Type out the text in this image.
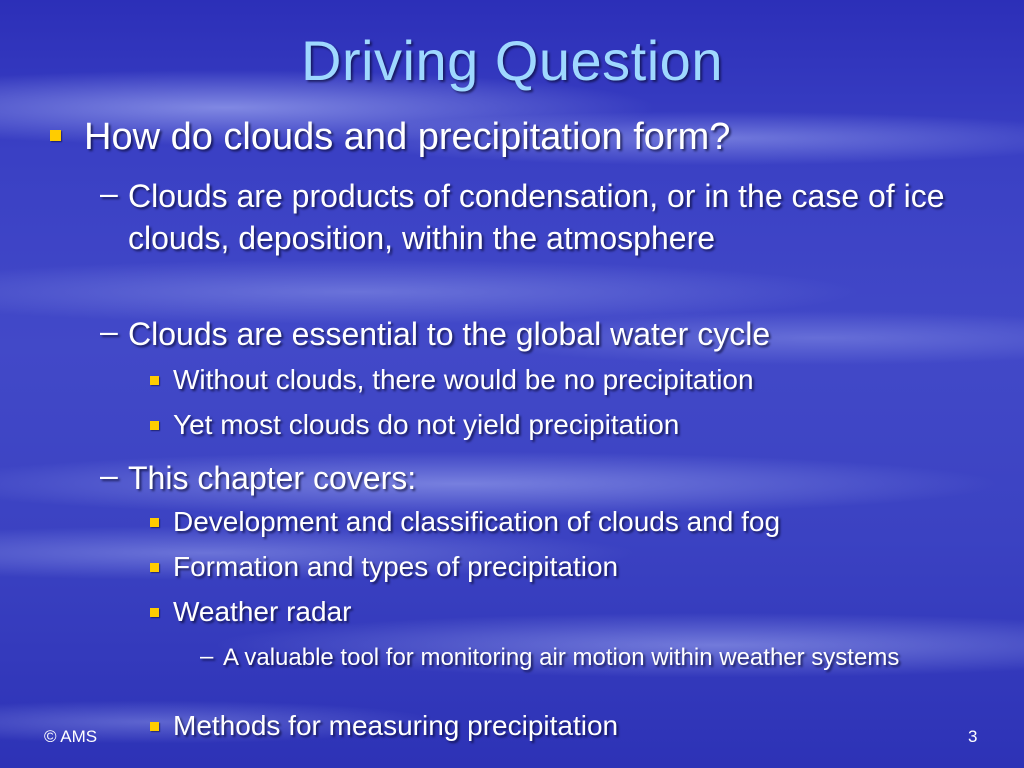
Driving Question
How do clouds and precipitation form?
– Clouds are products of condensation, or in the case of ice clouds, deposition, within the atmosphere
– Clouds are essential to the global water cycle
Without clouds, there would be no precipitation
Yet most clouds do not yield precipitation
– This chapter covers:
Development and classification of clouds and fog
Formation and types of precipitation
Weather radar
– A valuable tool for monitoring air motion within weather systems
Methods for measuring precipitation
© AMS	3
